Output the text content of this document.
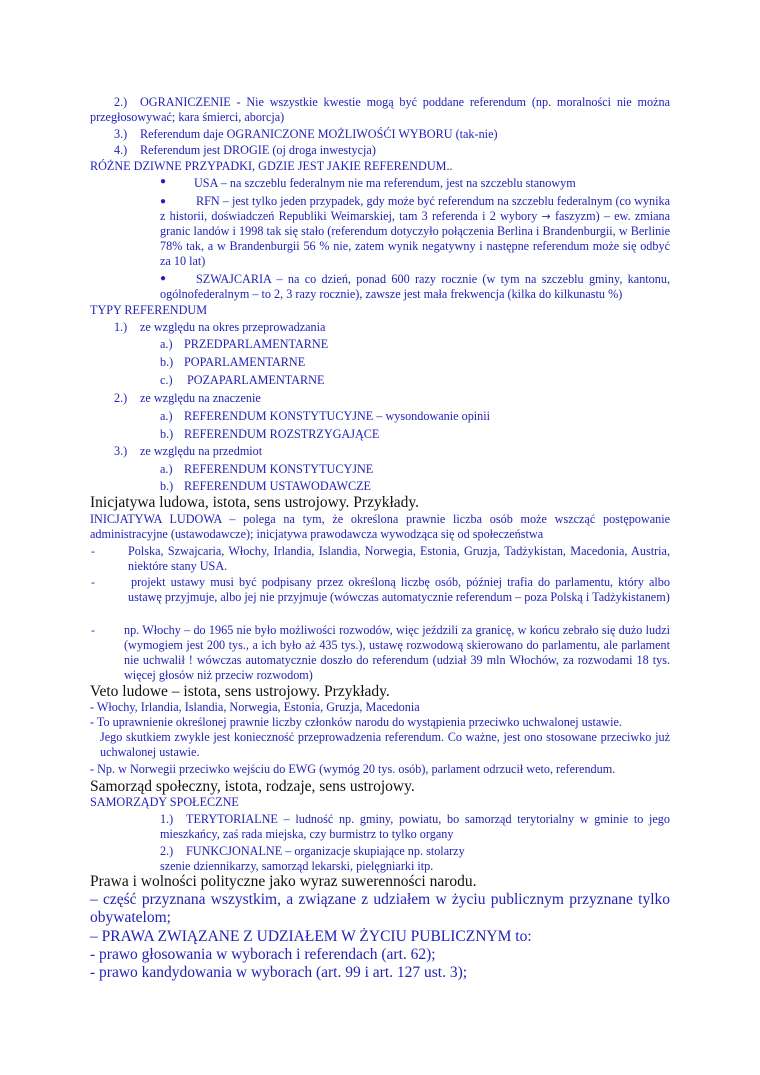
2.)	OGRANICZENIE - Nie wszystkie kwestie mogą być poddane referendum (np. moralności nie można przegłosowywać; kara śmierci, aborcja)
3.) Referendum daje OGRANICZONE MOŻLIWOŚĆI WYBORU (tak-nie)
4.) Referendum jest DROGIE (oj droga inwestycja)
RÓŻNE DZIWNE PRZYPADKI, GDZIE JEST JAKIE REFERENDUM..
● USA – na szczeblu federalnym nie ma referendum, jest na szczeblu stanowym
●	RFN – jest tylko jeden przypadek, gdy może być referendum na szczeblu federalnym (co wynika z historii, doświadczeń Republiki Weimarskiej, tam 3 referenda i 2 wybory → faszyzm) – ew. zmiana granic landów i 1998 tak się stało (referendum dotyczyło połączenia Berlina i Brandenburgii, w Berlinie 78% tak, a w Brandenburgii 56 % nie, zatem wynik negatywny i następne referendum może się odbyć za 10 lat)
●	SZWAJCARIA – na co dzień, ponad 600 razy rocznie (w tym na szczeblu gminy, kantonu, ogólnofederalnym – to 2, 3 razy rocznie), zawsze jest mała frekwencja (kilka do kilkunastu %)
TYPY REFERENDUM
1.) ze względu na okres przeprowadzania
a.) PRZEDPARLAMENTARNE
b.) POPARLAMENTARNE
c.) POZAPARLAMENTARNE
2.) ze względu na znaczenie
a.) REFERENDUM KONSTYTUCYJNE – wysondowanie opinii
b.) REFERENDUM ROZSTRZYGAJĄCE
3.) ze względu na przedmiot
a.) REFERENDUM KONSTYTUCYJNE
b.) REFERENDUM USTAWODAWCZE
Inicjatywa ludowa, istota, sens ustrojowy. Przykłady.
INICJATYWA LUDOWA – polega na tym, że określona prawnie liczba osób może wszcząć postępowanie administracyjne (ustawodawcze); inicjatywa prawodawcza wywodząca się od społeczeństwa
-	Polska, Szwajcaria, Włochy, Irlandia, Islandia, Norwegia, Estonia, Gruzja, Tadżykistan, Macedonia, Austria, niektóre stany USA.
-	projekt ustawy musi być podpisany przez określoną liczbę osób, później trafia do parlamentu, który albo ustawę przyjmuje, albo jej nie przyjmuje (wówczas automatycznie referendum – poza Polską i Tadżykistanem)
- np. Włochy – do 1965 nie było możliwości rozwodów, więc jeździli za granicę, w końcu zebrało się dużo ludzi (wymogiem jest 200 tys., a ich było aż 435 tys.), ustawę rozwodową skierowano do parlamentu, ale parlament nie uchwalił ! wówczas automatycznie doszło do referendum (udział 39 mln Włochów, za rozwodami 18 tys. więcej głosów niż przeciw rozwodom)
Veto ludowe – istota, sens ustrojowy. Przykłady.
- Włochy, Irlandia, Islandia, Norwegia, Estonia, Gruzja, Macedonia
- To uprawnienie określonej prawnie liczby członków narodu do wystąpienia przeciwko uchwalonej ustawie.
Jego skutkiem zwykle jest konieczność przeprowadzenia referendum. Co ważne, jest ono stosowane przeciwko już uchwalonej ustawie.
- Np. w Norwegii przeciwko wejściu do EWG (wymóg 20 tys. osób), parlament odrzucił weto, referendum.
Samorząd społeczny, istota, rodzaje, sens ustrojowy.
SAMORZĄDY SPOŁECZNE
1.)	TERYTORIALNE – ludność np. gminy, powiatu, bo samorząd terytorialny w gminie to jego mieszkańcy, zaś rada miejska, czy burmistrz to tylko organy
2.) FUNKCJONALNE – organizacje skupiające np. stolarzy
szenie dziennikarzy, samorząd lekarski, pielęgniarki itp.
Prawa i wolności polityczne jako wyraz suwerenności narodu.
– część przyznana wszystkim, a związane z udziałem w życiu publicznym przyznane tylko obywatelom;
– PRAWA ZWIĄZANE Z UDZIAŁEM W ŻYCIU PUBLICZNYM to:
- prawo głosowania w wyborach i referendach (art. 62);
- prawo kandydowania w wyborach (art. 99 i art. 127 ust. 3);
